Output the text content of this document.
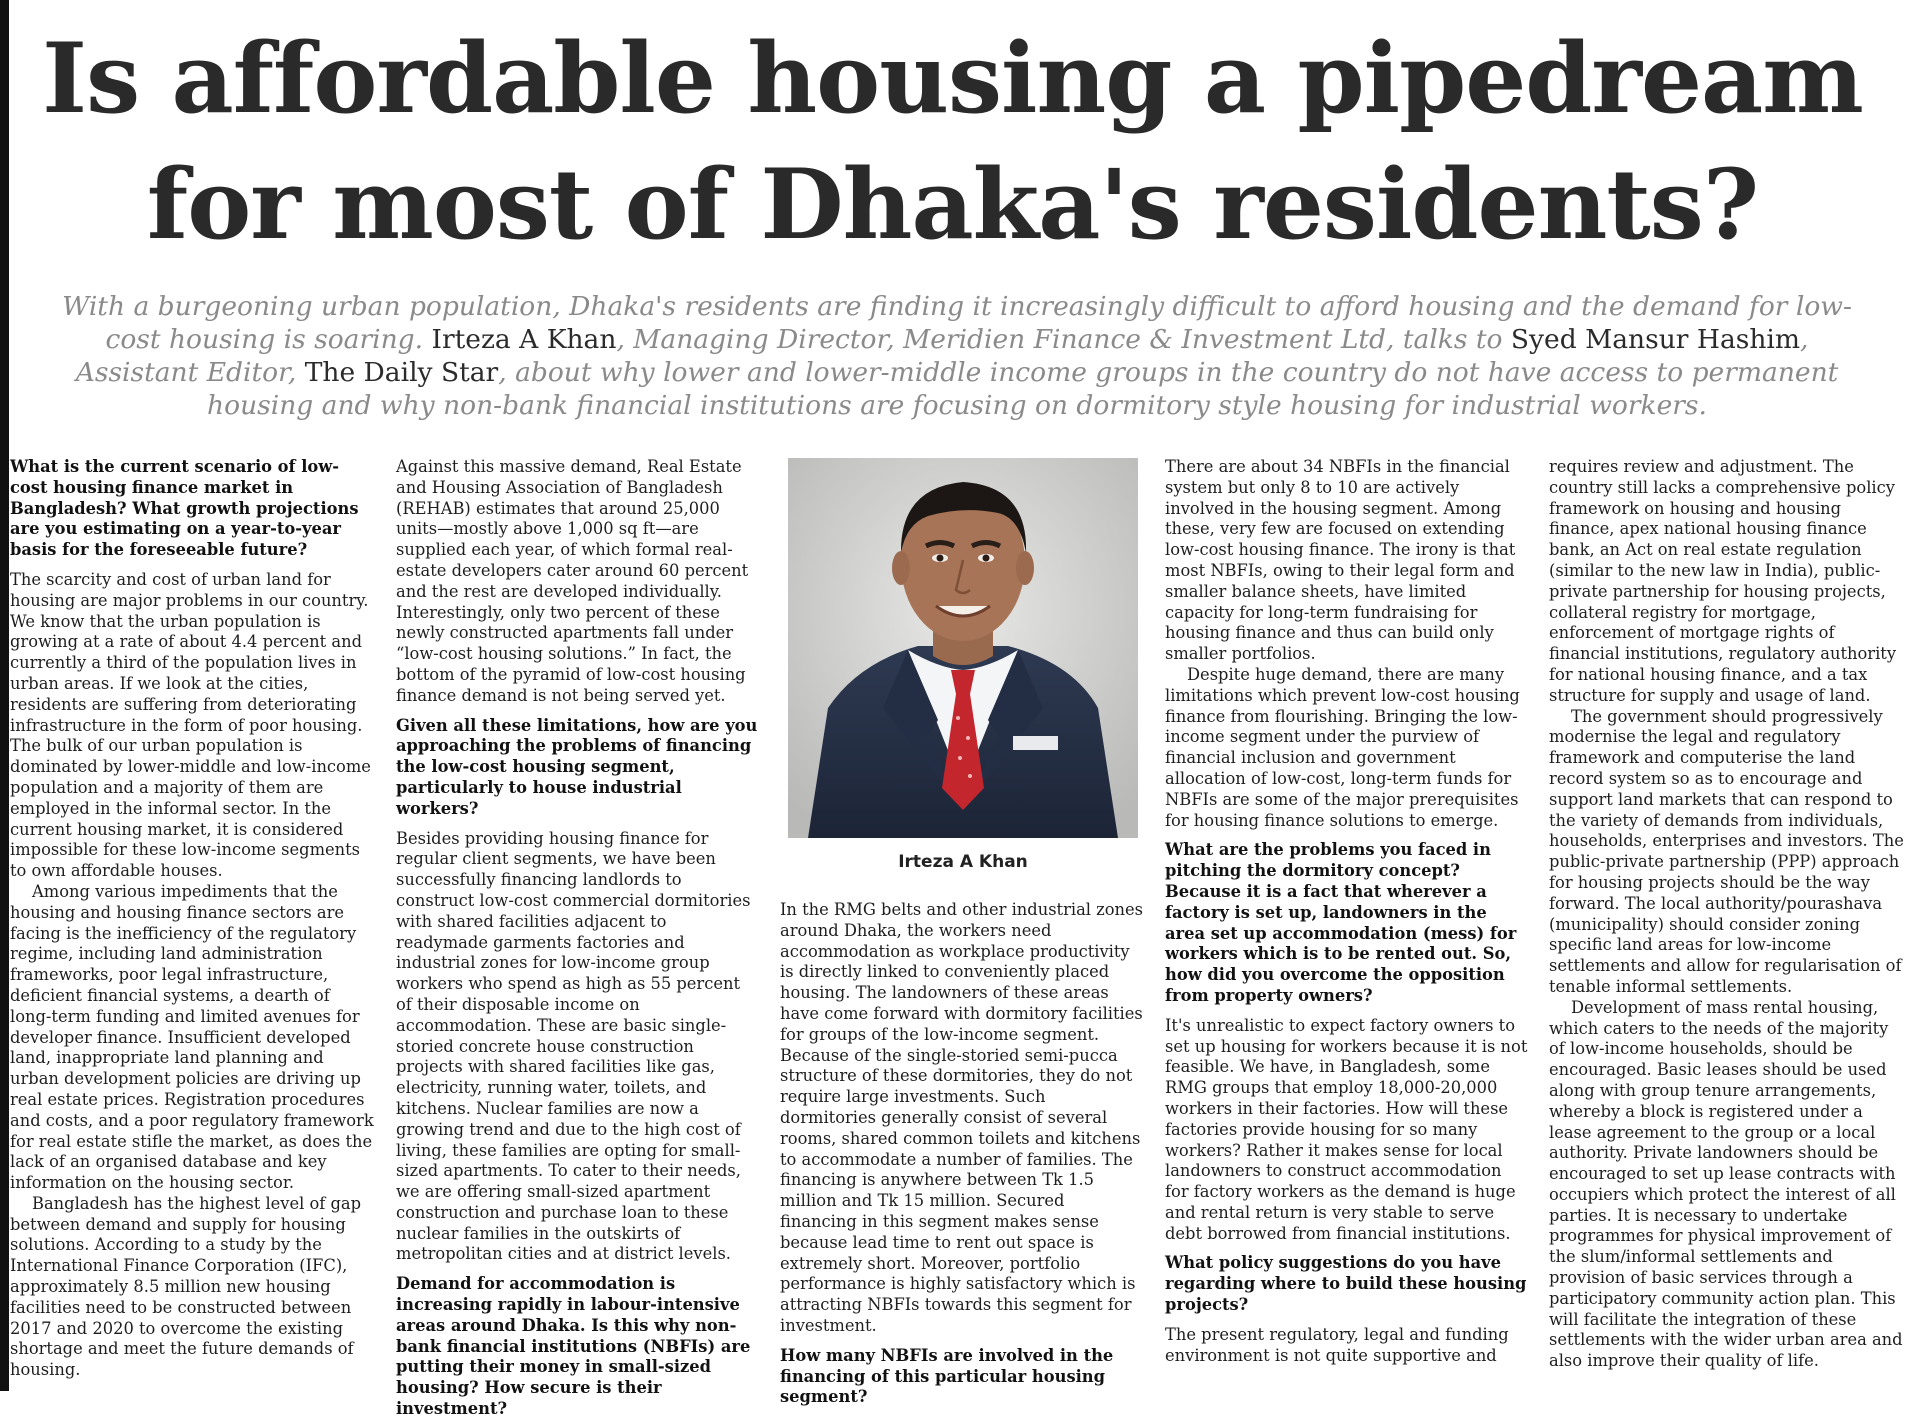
Is affordable housing a pipedream
for most of Dhaka's residents?

With a burgeoning urban population, Dhaka's residents are finding it increasingly difficult to afford housing and the demand for low-cost housing is soaring. Irteza A Khan, Managing Director, Meridien Finance & Investment Ltd, talks to Syed Mansur Hashim, Assistant Editor, The Daily Star, about why lower and lower-middle income groups in the country do not have access to permanent housing and why non-bank financial institutions are focusing on dormitory style housing for industrial workers.

What is the current scenario of low-cost housing finance market in Bangladesh? What growth projections are you estimating on a year-to-year basis for the foreseeable future?

The scarcity and cost of urban land for housing are major problems in our country. We know that the urban population is growing at a rate of about 4.4 percent and currently a third of the population lives in urban areas. If we look at the cities, residents are suffering from deteriorating infrastructure in the form of poor housing. The bulk of our urban population is dominated by lower-middle and low-income population and a majority of them are employed in the informal sector. In the current housing market, it is considered impossible for these low-income segments to own affordable houses.

Among various impediments that the housing and housing finance sectors are facing is the inefficiency of the regulatory regime, including land administration frameworks, poor legal infrastructure, deficient financial systems, a dearth of long-term funding and limited avenues for developer finance. Insufficient developed land, inappropriate land planning and urban development policies are driving up real estate prices. Registration procedures and costs, and a poor regulatory framework for real estate stifle the market, as does the lack of an organised database and key information on the housing sector.

Bangladesh has the highest level of gap between demand and supply for housing solutions. According to a study by the International Finance Corporation (IFC), approximately 8.5 million new housing facilities need to be constructed between 2017 and 2020 to overcome the existing shortage and meet the future demands of housing.

Against this massive demand, Real Estate and Housing Association of Bangladesh (REHAB) estimates that around 25,000 units—mostly above 1,000 sq ft—are supplied each year, of which formal real-estate developers cater around 60 percent and the rest are developed individually. Interestingly, only two percent of these newly constructed apartments fall under “low-cost housing solutions.” In fact, the bottom of the pyramid of low-cost housing finance demand is not being served yet.

Given all these limitations, how are you approaching the problems of financing the low-cost housing segment, particularly to house industrial workers?

Besides providing housing finance for regular client segments, we have been successfully financing landlords to construct low-cost commercial dormitories with shared facilities adjacent to readymade garments factories and industrial zones for low-income group workers who spend as high as 55 percent of their disposable income on accommodation. These are basic single-storied concrete house construction projects with shared facilities like gas, electricity, running water, toilets, and kitchens. Nuclear families are now a growing trend and due to the high cost of living, these families are opting for small-sized apartments. To cater to their needs, we are offering small-sized apartment construction and purchase loan to these nuclear families in the outskirts of metropolitan cities and at district levels.

Demand for accommodation is increasing rapidly in labour-intensive areas around Dhaka. Is this why non-bank financial institutions (NBFIs) are putting their money in small-sized housing? How secure is their investment?

Irteza A Khan

In the RMG belts and other industrial zones around Dhaka, the workers need accommodation as workplace productivity is directly linked to conveniently placed housing. The landowners of these areas have come forward with dormitory facilities for groups of the low-income segment. Because of the single-storied semi-pucca structure of these dormitories, they do not require large investments. Such dormitories generally consist of several rooms, shared common toilets and kitchens to accommodate a number of families. The financing is anywhere between Tk 1.5 million and Tk 15 million. Secured financing in this segment makes sense because lead time to rent out space is extremely short. Moreover, portfolio performance is highly satisfactory which is attracting NBFIs towards this segment for investment.

How many NBFIs are involved in the financing of this particular housing segment?

There are about 34 NBFIs in the financial system but only 8 to 10 are actively involved in the housing segment. Among these, very few are focused on extending low-cost housing finance. The irony is that most NBFIs, owing to their legal form and smaller balance sheets, have limited capacity for long-term fundraising for housing finance and thus can build only smaller portfolios.

Despite huge demand, there are many limitations which prevent low-cost housing finance from flourishing. Bringing the low-income segment under the purview of financial inclusion and government allocation of low-cost, long-term funds for NBFIs are some of the major prerequisites for housing finance solutions to emerge.

What are the problems you faced in pitching the dormitory concept? Because it is a fact that wherever a factory is set up, landowners in the area set up accommodation (mess) for workers which is to be rented out. So, how did you overcome the opposition from property owners?

It's unrealistic to expect factory owners to set up housing for workers because it is not feasible. We have, in Bangladesh, some RMG groups that employ 18,000-20,000 workers in their factories. How will these factories provide housing for so many workers? Rather it makes sense for local landowners to construct accommodation for factory workers as the demand is huge and rental return is very stable to serve debt borrowed from financial institutions.

What policy suggestions do you have regarding where to build these housing projects?

The present regulatory, legal and funding environment is not quite supportive and

requires review and adjustment. The country still lacks a comprehensive policy framework on housing and housing finance, apex national housing finance bank, an Act on real estate regulation (similar to the new law in India), public-private partnership for housing projects, collateral registry for mortgage, enforcement of mortgage rights of financial institutions, regulatory authority for national housing finance, and a tax structure for supply and usage of land.

The government should progressively modernise the legal and regulatory framework and computerise the land record system so as to encourage and support land markets that can respond to the variety of demands from individuals, households, enterprises and investors. The public-private partnership (PPP) approach for housing projects should be the way forward. The local authority/pourashava (municipality) should consider zoning specific land areas for low-income settlements and allow for regularisation of tenable informal settlements.

Development of mass rental housing, which caters to the needs of the majority of low-income households, should be encouraged. Basic leases should be used along with group tenure arrangements, whereby a block is registered under a lease agreement to the group or a local authority. Private landowners should be encouraged to set up lease contracts with occupiers which protect the interest of all parties. It is necessary to undertake programmes for physical improvement of the slum/informal settlements and provision of basic services through a participatory community action plan. This will facilitate the integration of these settlements with the wider urban area and also improve their quality of life.
